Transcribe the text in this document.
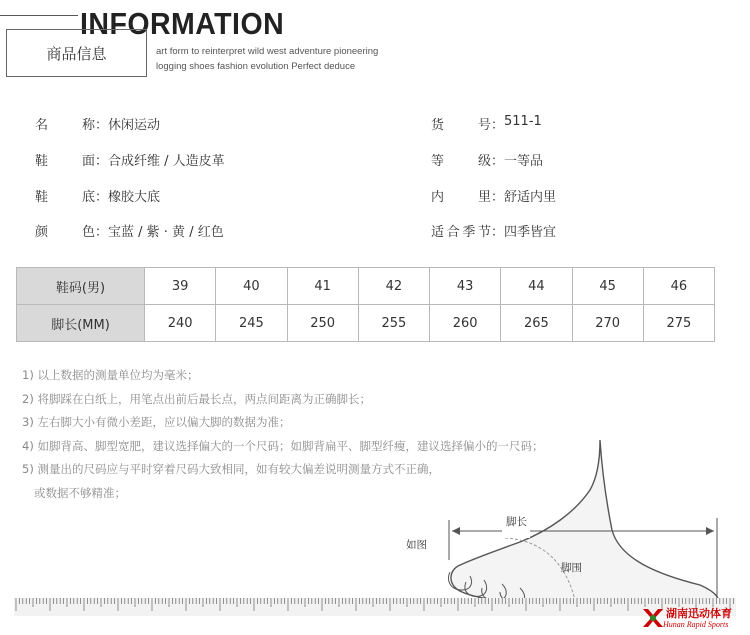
INFORMATION
商品信息	art form to reinterpret wild west adventure pioneering
logging shoes fashion evolution Perfect deduce
名 称 ： 休闲运动
鞋 面 ： 合成纤维 / 人造皮革
鞋 底 ： 橡胶大底
颜 色 ： 宝蓝 / 紫 · 黄 / 红色
货 号 ： 511-1
等 级 ： 一等品
内 里 ： 舒适内里
适合季节 ： 四季皆宜
鞋码(男)	39	40	41	42	43	44	45	46
脚长(MM)	240	245	250	255	260	265	270	275
1) 以上数据的测量单位均为毫米；
2) 将脚踩在白纸上，用笔点出前后最长点，两点间距离为正确脚长；
3) 左右脚大小有微小差距，应以偏大脚的数据为准；
4) 如脚背高、脚型宽肥，建议选择偏大的一个尺码；如脚背扁平、脚型纤瘦，建议选择偏小的一尺码；
5) 测量出的尺码应与平时穿着尺码大致相同，如有较大偏差说明测量方式不正确，
或数据不够精准；
脚长
如图
脚围
湖南迅动体育
Hunan Rapid Sports
